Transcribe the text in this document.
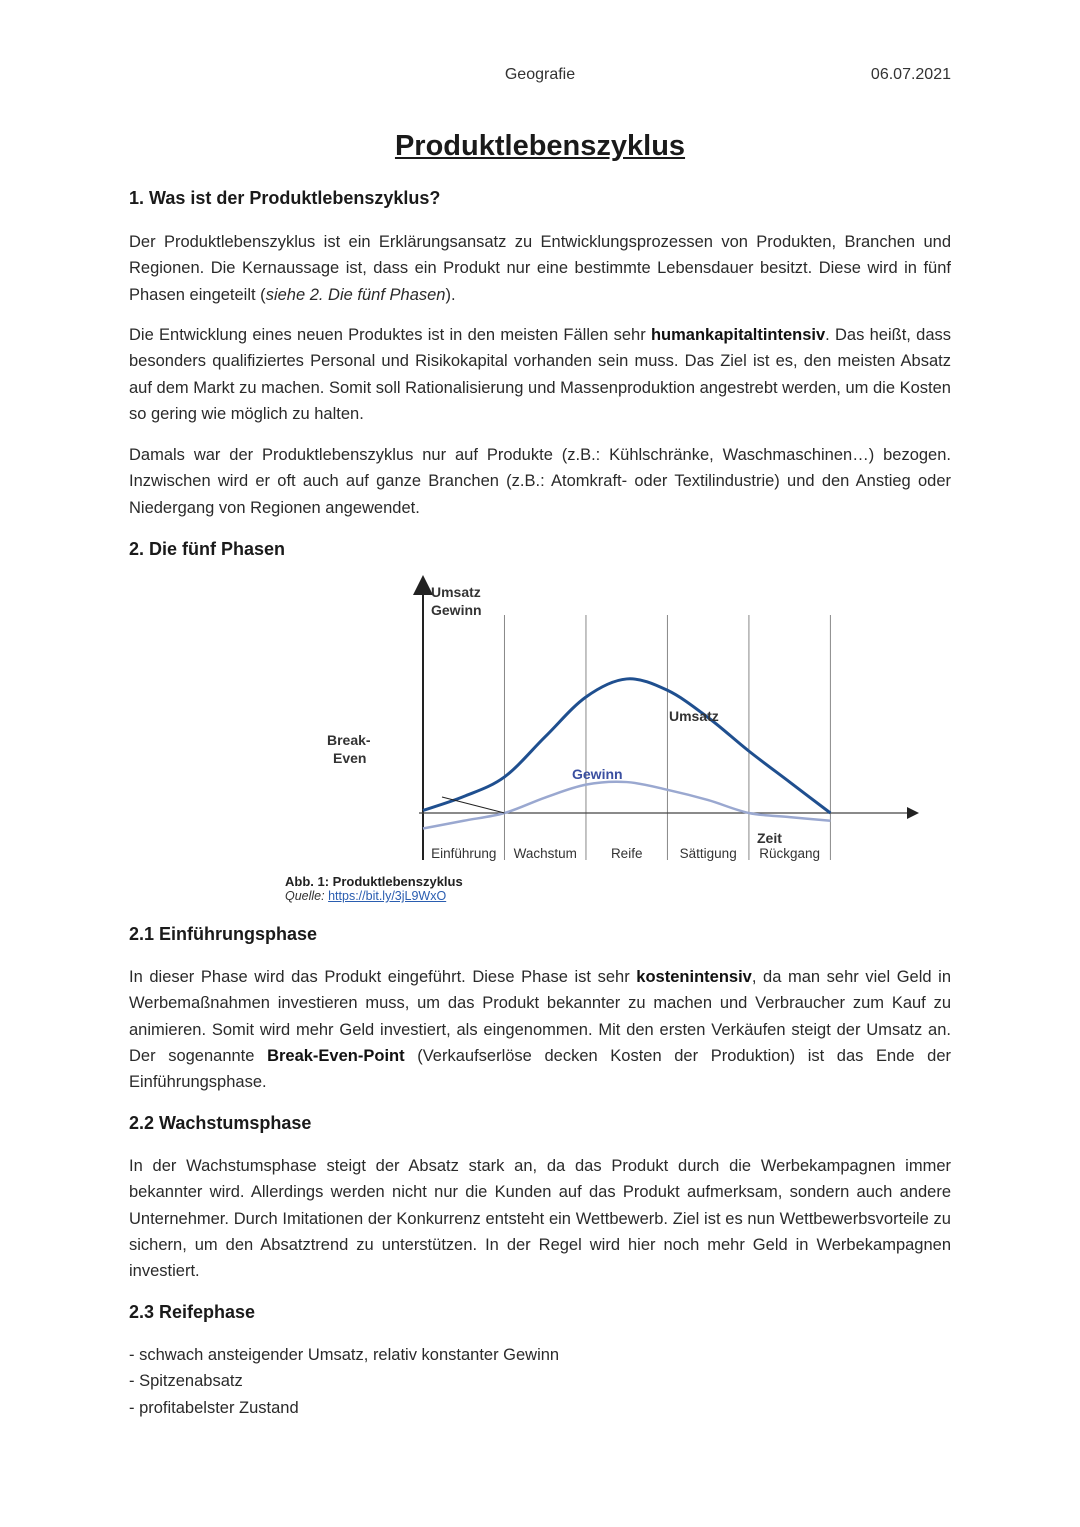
Geografie	06.07.2021
Produktlebenszyklus
1. Was ist der Produktlebenszyklus?
Der Produktlebenszyklus ist ein Erklärungsansatz zu Entwicklungsprozessen von Produkten, Branchen und Regionen. Die Kernaussage ist, dass ein Produkt nur eine bestimmte Lebensdauer besitzt. Diese wird in fünf Phasen eingeteilt (siehe 2. Die fünf Phasen).
Die Entwicklung eines neuen Produktes ist in den meisten Fällen sehr humankapitaltintensiv. Das heißt, dass besonders qualifiziertes Personal und Risikokapital vorhanden sein muss. Das Ziel ist es, den meisten Absatz auf dem Markt zu machen. Somit soll Rationalisierung und Massenproduktion angestrebt werden, um die Kosten so gering wie möglich zu halten.
Damals war der Produktlebenszyklus nur auf Produkte (z.B.: Kühlschränke, Waschmaschinen…) bezogen. Inzwischen wird er oft auch auf ganze Branchen (z.B.: Atomkraft- oder Textilindustrie) und den Anstieg oder Niedergang von Regionen angewendet.
2. Die fünf Phasen
Umsatz
Gewinn
Zeit
Umsatz
Gewinn
Break-
Even
Einführung Wachstum	Reife	Sättigung Rückgang
Abb. 1: Produktlebenszyklus
Quelle: https://bit.ly/3jL9WxO
2.1 Einführungsphase
In dieser Phase wird das Produkt eingeführt. Diese Phase ist sehr kostenintensiv, da man sehr viel Geld in Werbemaßnahmen investieren muss, um das Produkt bekannter zu machen und Verbraucher zum Kauf zu animieren. Somit wird mehr Geld investiert, als eingenommen. Mit den ersten Verkäufen steigt der Umsatz an. Der sogenannte Break-Even-Point (Verkaufserlöse decken Kosten der Produktion) ist das Ende der Einführungsphase.
2.2 Wachstumsphase
In der Wachstumsphase steigt der Absatz stark an, da das Produkt durch die Werbekampagnen immer bekannter wird. Allerdings werden nicht nur die Kunden auf das Produkt aufmerksam, sondern auch andere Unternehmer. Durch Imitationen der Konkurrenz entsteht ein Wettbewerb. Ziel ist es nun Wettbewerbsvorteile zu sichern, um den Absatztrend zu unterstützen. In der Regel wird hier noch mehr Geld in Werbekampagnen investiert.
2.3 Reifephase
- schwach ansteigender Umsatz, relativ konstanter Gewinn
- Spitzenabsatz
- profitabelster Zustand
